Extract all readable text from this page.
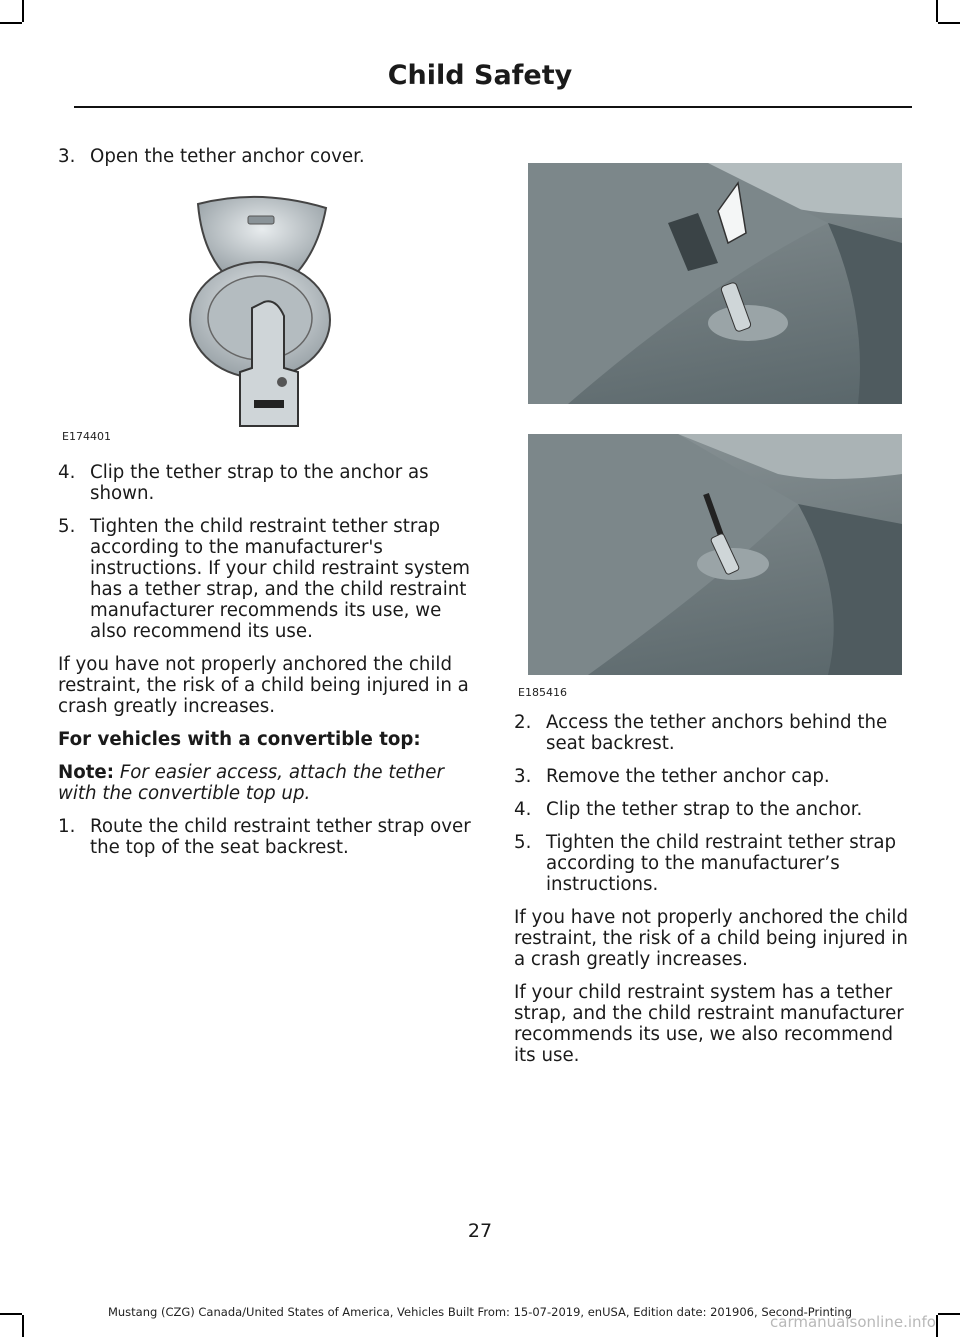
Child Safety
3. Open the tether anchor cover.
E174401
4. Clip the tether strap to the anchor as shown.
5. Tighten the child restraint tether strap according to the manufacturer's instructions. If your child restraint system has a tether strap, and the child restraint manufacturer recommends its use, we also recommend its use.
If you have not properly anchored the child restraint, the risk of a child being injured in a crash greatly increases.
For vehicles with a convertible top:
Note: For easier access, attach the tether with the convertible top up.
1. Route the child restraint tether strap over the top of the seat backrest.
E185416
2. Access the tether anchors behind the seat backrest.
3. Remove the tether anchor cap.
4. Clip the tether strap to the anchor.
5. Tighten the child restraint tether strap according to the manufacturer’s instructions.
If you have not properly anchored the child restraint, the risk of a child being injured in a crash greatly increases.
If your child restraint system has a tether strap, and the child restraint manufacturer recommends its use, we also recommend its use.
27
Mustang (CZG) Canada/United States of America, Vehicles Built From: 15-07-2019, enUSA, Edition date: 201906, Second-Printing
carmanualsonline.info
